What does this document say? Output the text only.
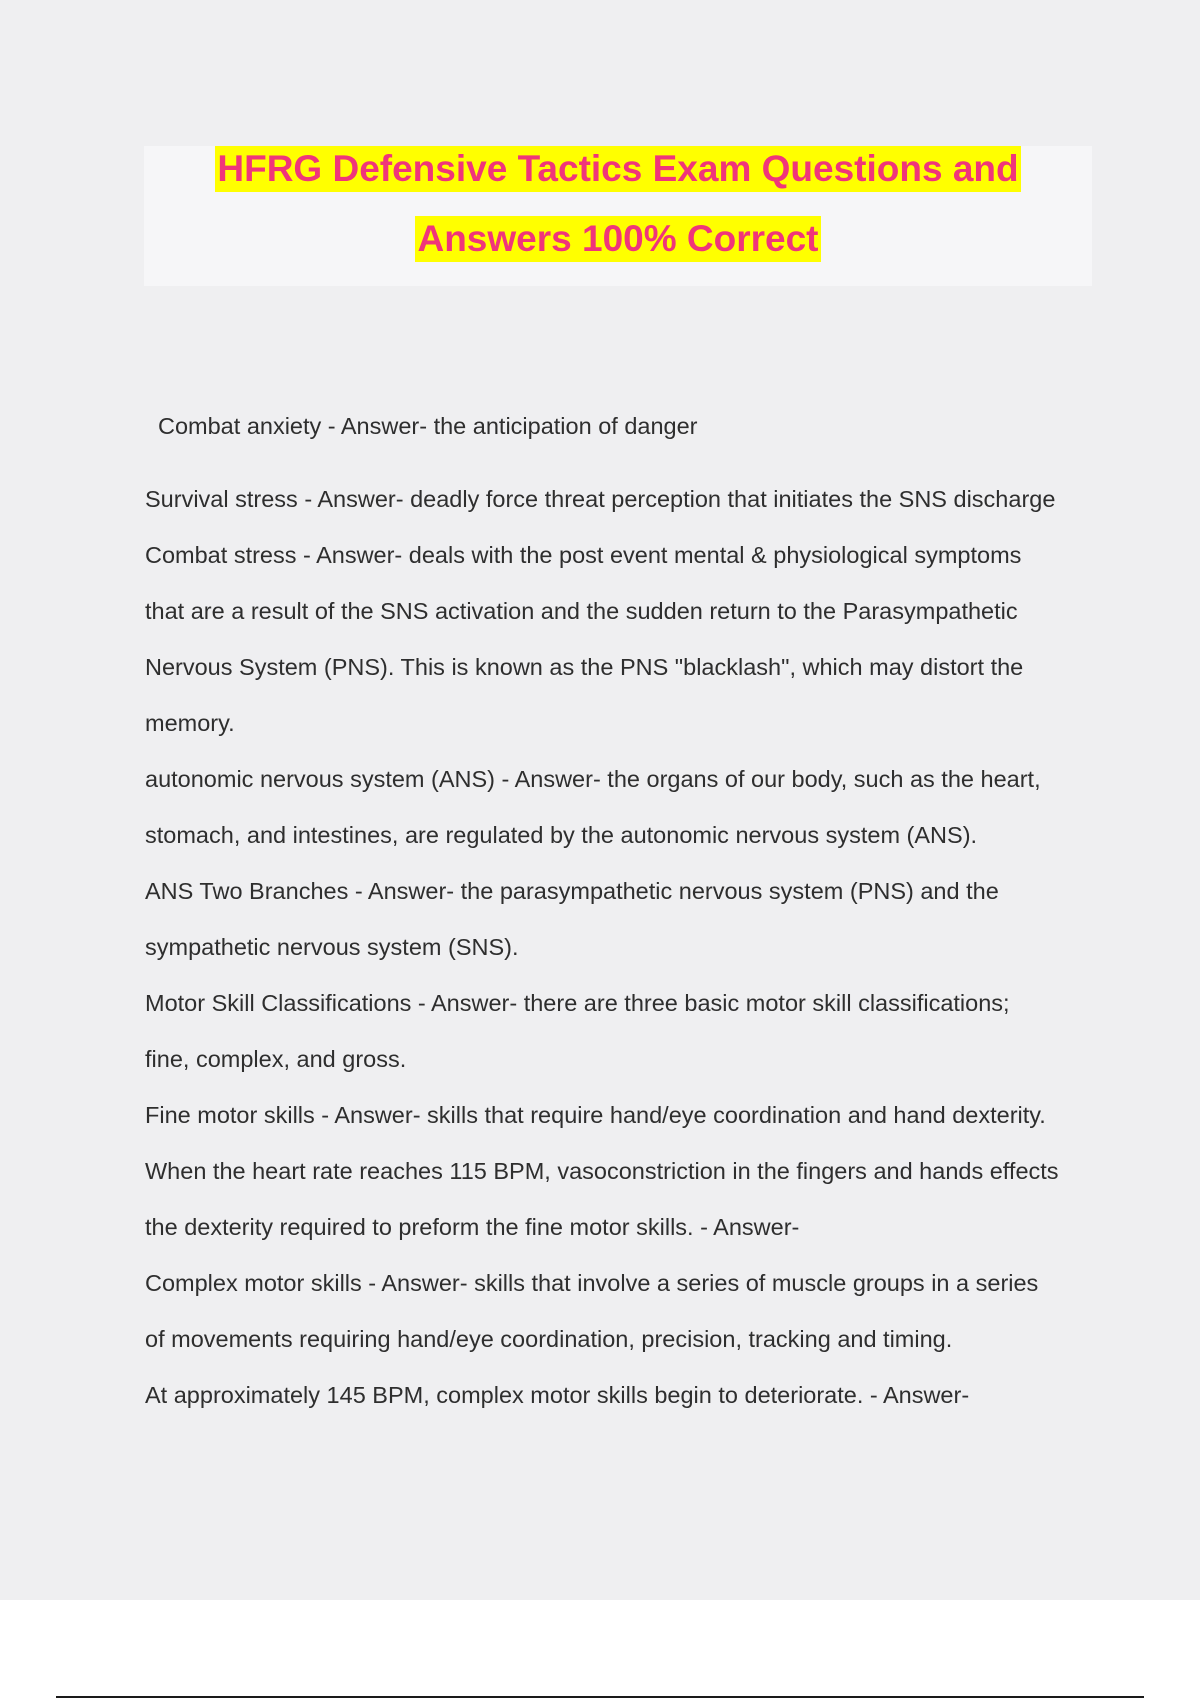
HFRG Defensive Tactics Exam Questions and
Answers 100% Correct
Combat anxiety - Answer- the anticipation of danger
Survival stress - Answer- deadly force threat perception that initiates the SNS discharge
Combat stress - Answer- deals with the post event mental & physiological symptoms
that are a result of the SNS activation and the sudden return to the Parasympathetic
Nervous System (PNS). This is known as the PNS "blacklash", which may distort the
memory.
autonomic nervous system (ANS) - Answer- the organs of our body, such as the heart,
stomach, and intestines, are regulated by the autonomic nervous system (ANS).
ANS Two Branches - Answer- the parasympathetic nervous system (PNS) and the
sympathetic nervous system (SNS).
Motor Skill Classifications - Answer- there are three basic motor skill classifications;
fine, complex, and gross.
Fine motor skills - Answer- skills that require hand/eye coordination and hand dexterity.
When the heart rate reaches 115 BPM, vasoconstriction in the fingers and hands effects
the dexterity required to preform the fine motor skills. - Answer-
Complex motor skills - Answer- skills that involve a series of muscle groups in a series
of movements requiring hand/eye coordination, precision, tracking and timing.
At approximately 145 BPM, complex motor skills begin to deteriorate. - Answer-
